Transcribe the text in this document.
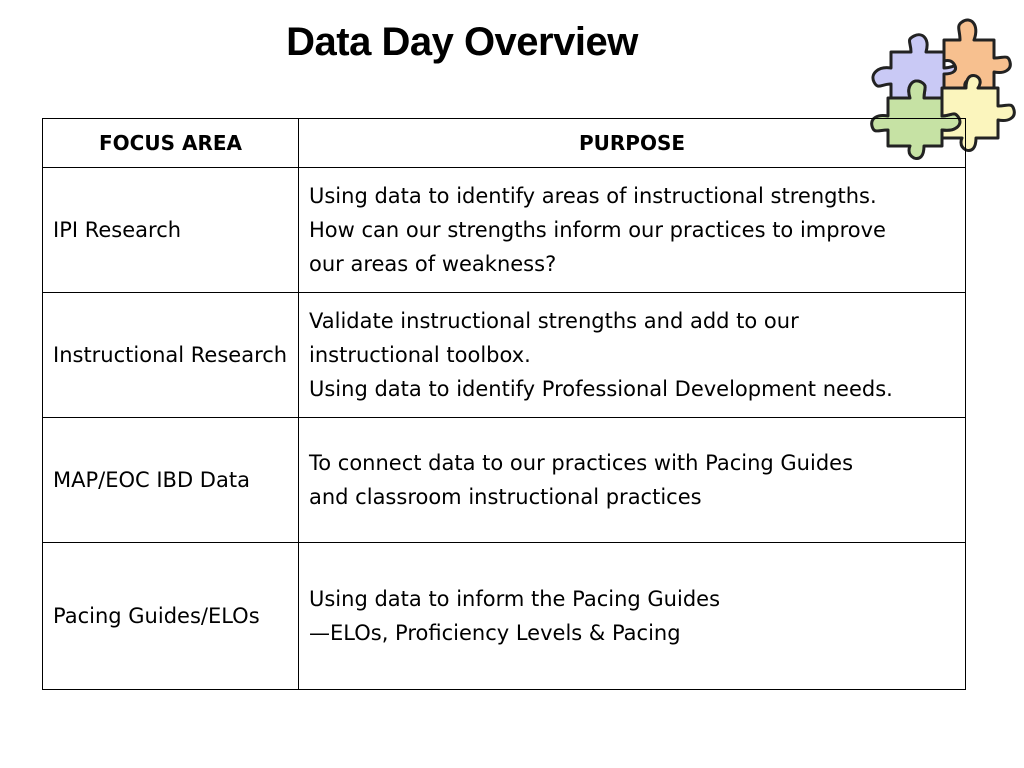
Data Day Overview
FOCUS AREA	PURPOSE
IPI Research	Using data to identify areas of instructional strengths.
How can our strengths inform our practices to improve
our areas of weakness?

Instructional Research	Validate instructional strengths and add to our
instructional toolbox.
Using data to identify Professional Development needs.

MAP/EOC IBD Data	To connect data to our practices with Pacing Guides
and classroom instructional practices

Pacing Guides/ELOs	Using data to inform the Pacing Guides
—ELOs, Proficiency Levels & Pacing
